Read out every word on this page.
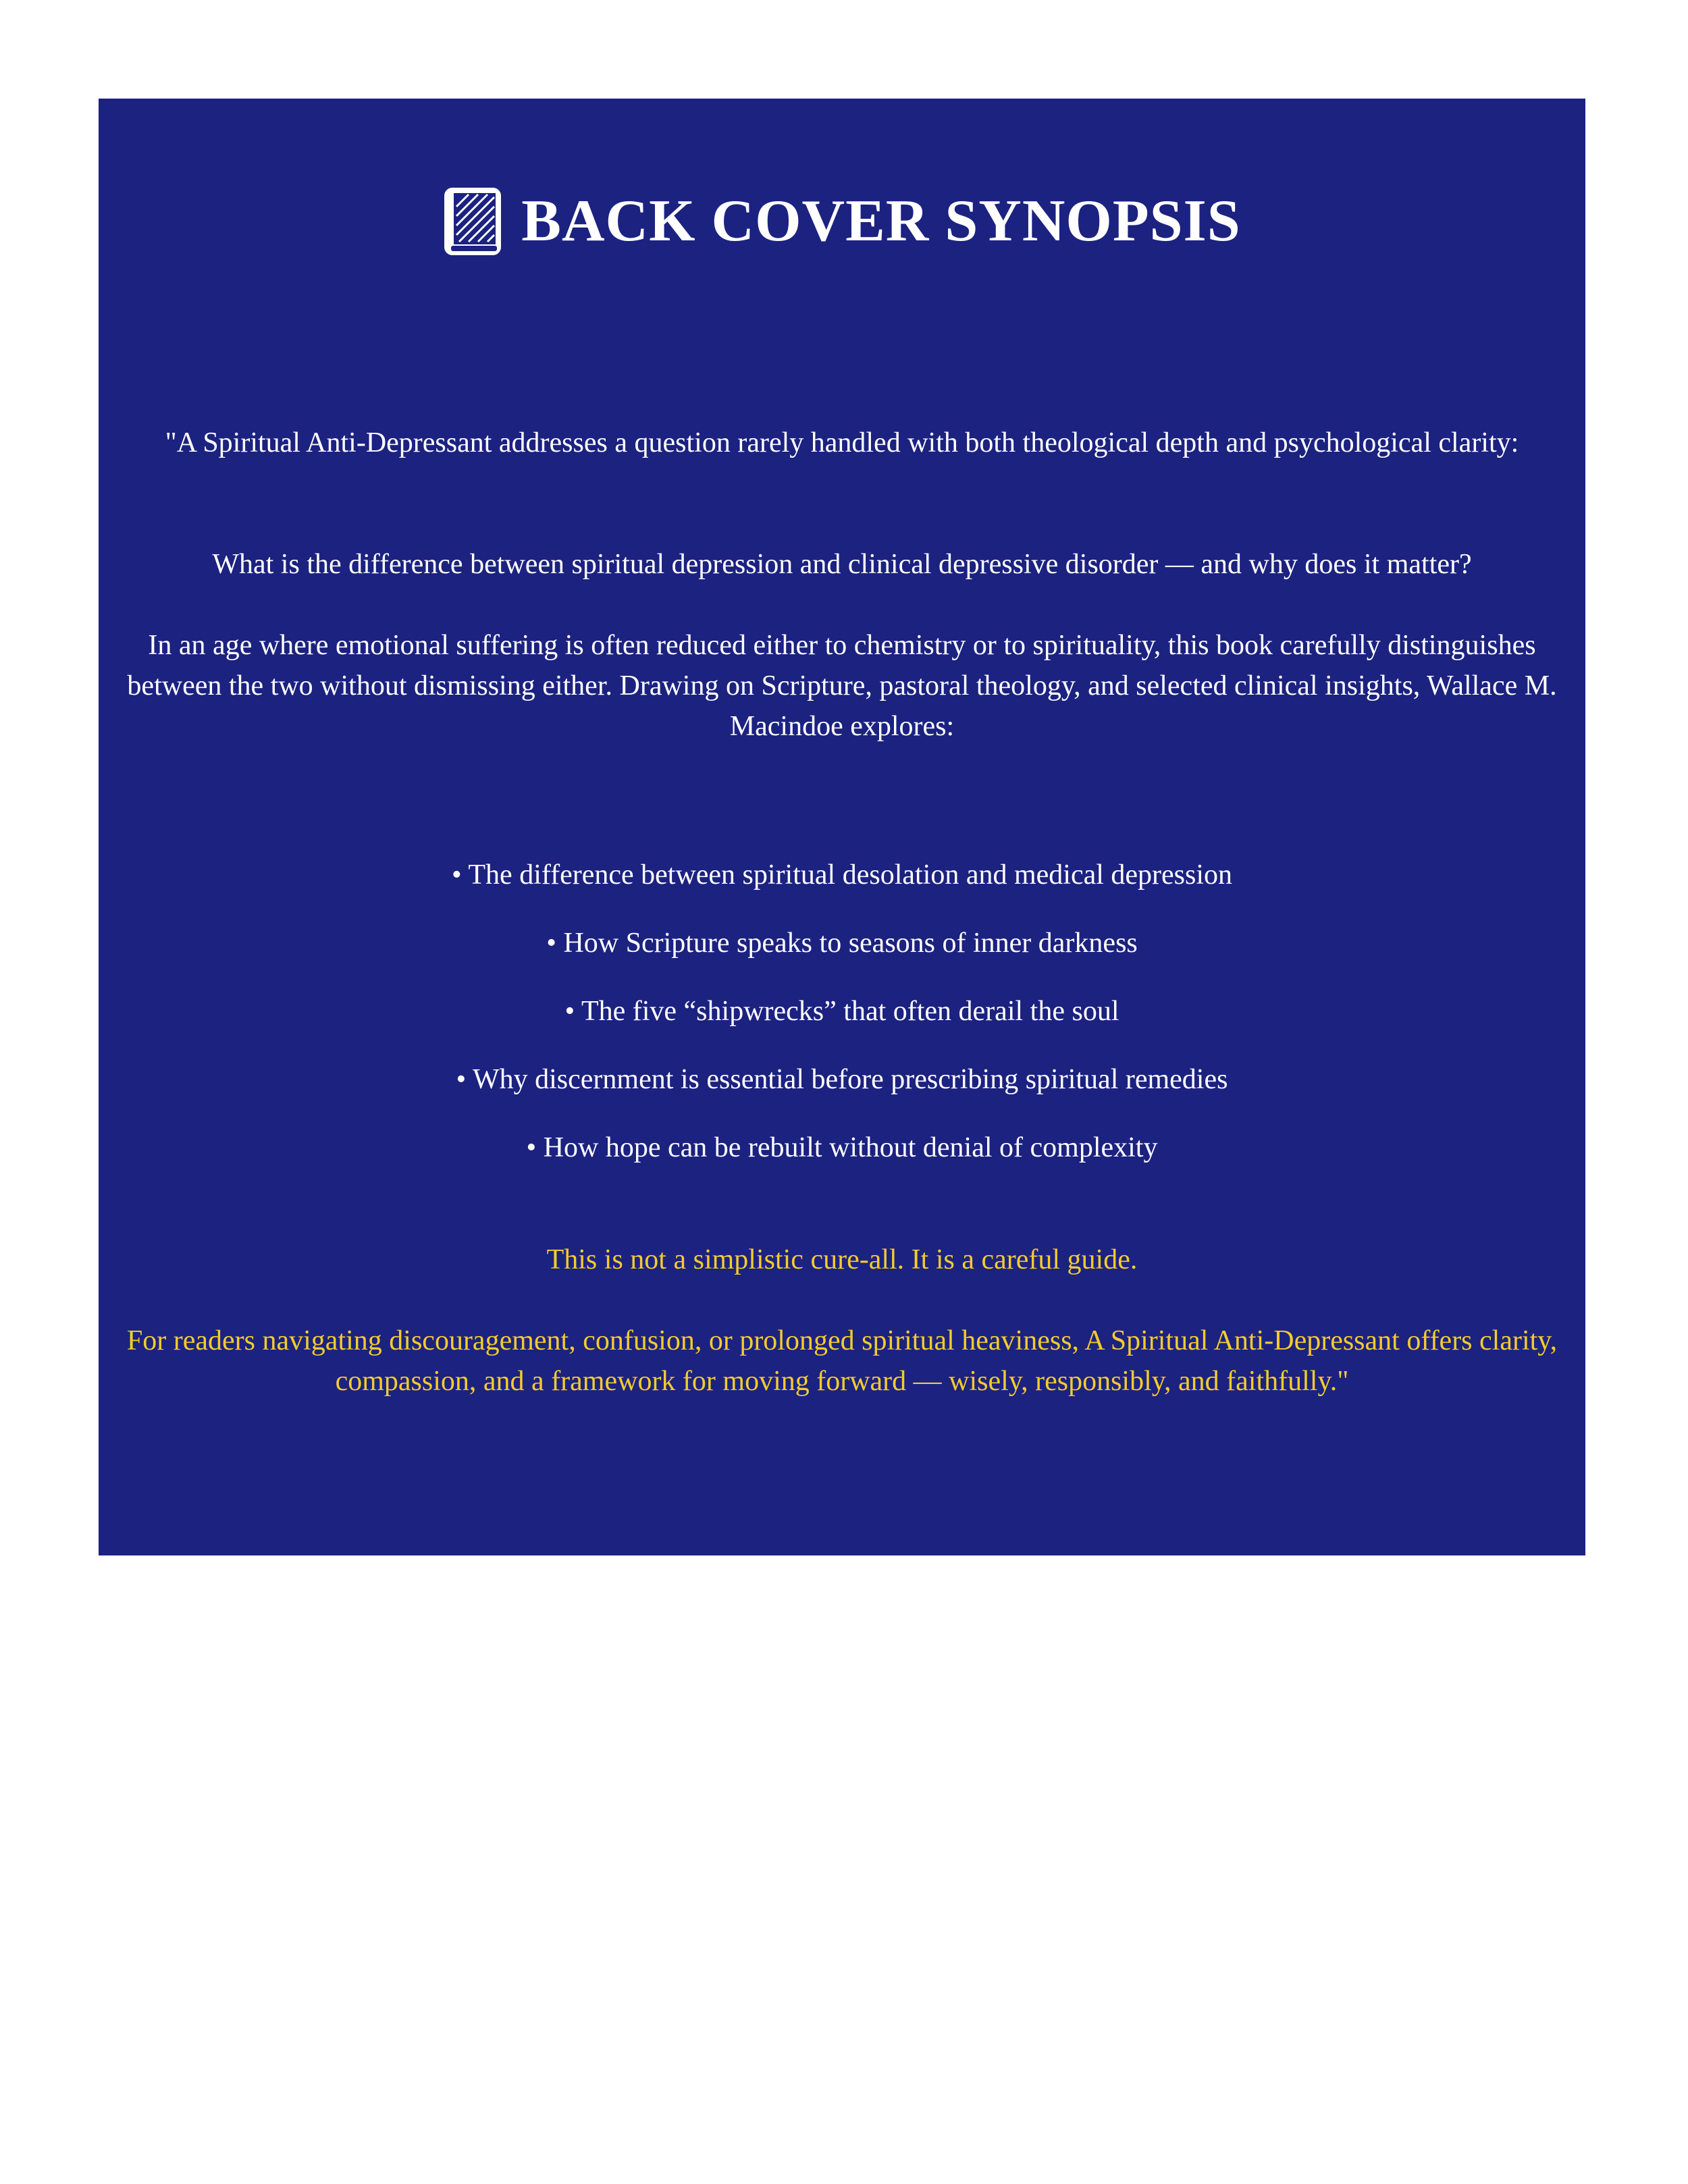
BACK COVER SYNOPSIS

"A Spiritual Anti-Depressant addresses a question rarely handled with both theological depth and psychological clarity:

What is the difference between spiritual depression and clinical depressive disorder — and why does it matter?

In an age where emotional suffering is often reduced either to chemistry or to spirituality, this book carefully distinguishes between the two without dismissing either. Drawing on Scripture, pastoral theology, and selected clinical insights, Wallace M. Macindoe explores:

• The difference between spiritual desolation and medical depression
• How Scripture speaks to seasons of inner darkness
• The five “shipwrecks” that often derail the soul
• Why discernment is essential before prescribing spiritual remedies
• How hope can be rebuilt without denial of complexity

This is not a simplistic cure-all. It is a careful guide.

For readers navigating discouragement, confusion, or prolonged spiritual heaviness, A Spiritual Anti-Depressant offers clarity, compassion, and a framework for moving forward — wisely, responsibly, and faithfully."
